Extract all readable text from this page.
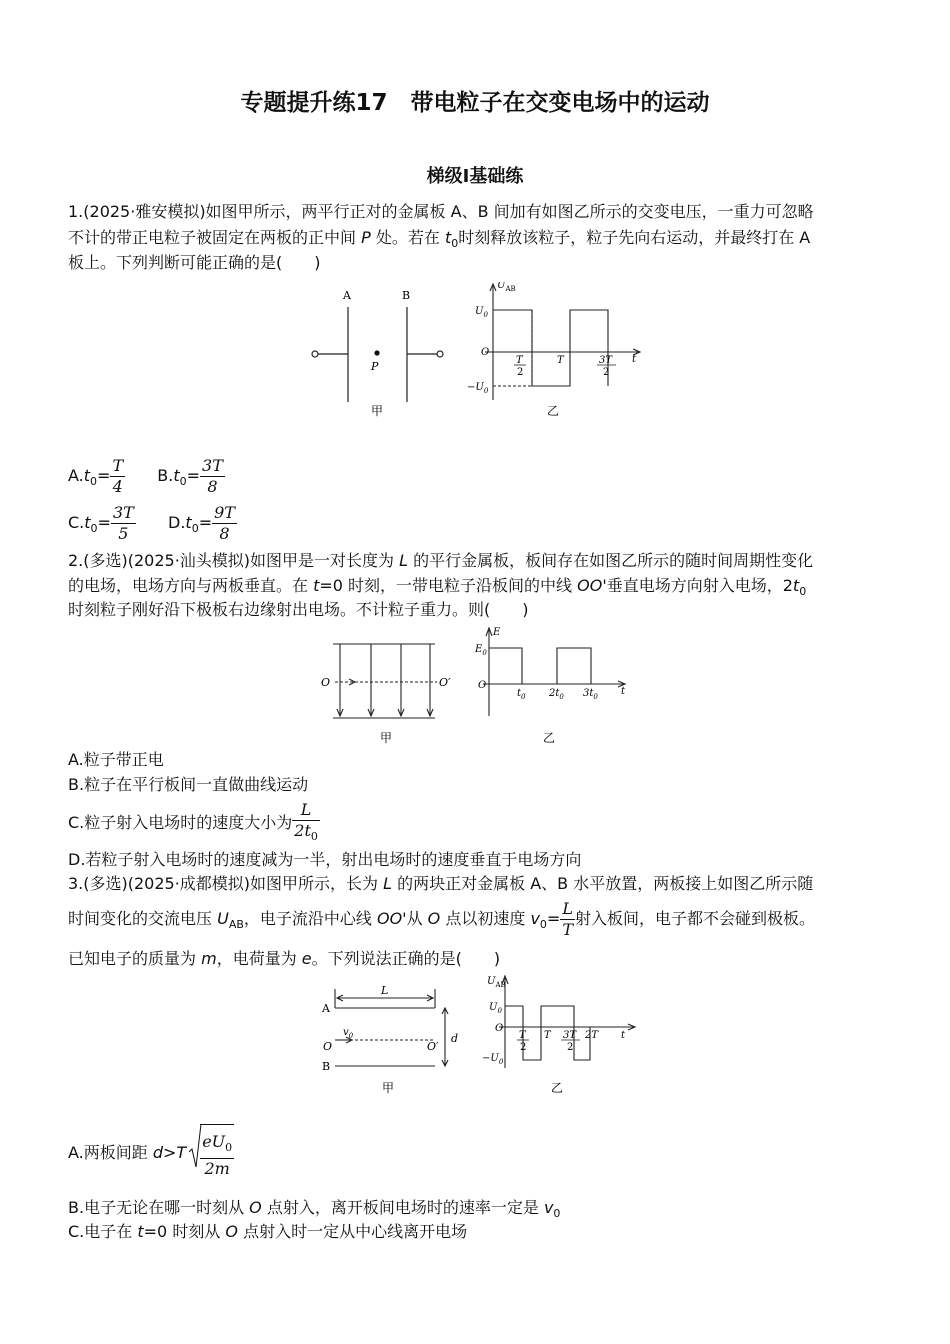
专题提升练17　带电粒子在交变电场中的运动
梯级Ⅰ基础练
1.(2025·雅安模拟)如图甲所示，两平行正对的金属板 A、B 间加有如图乙所示的交变电压，一重力可忽略
不计的带正电粒子被固定在两板的正中间 P 处。若在 $t_0$时刻释放该粒子，粒子先向右运动，并最终打在 A
板上。下列判断可能正确的是(　　)
A	B
P
$U_{AB}$
$U_0$
O
T
2
T	3T
2
t
$-U_0$
甲	乙
$A.t_0= \frac{T}{4} B.t_0= \frac{3T}{8}$
$C.t_0= \frac{3T}{5} D.t_0= \frac{9T}{8}$
2.(多选)(2025·汕头模拟)如图甲是一对长度为 L 的平行金属板，板间存在如图乙所示的随时间周期性变化
的电场，电场方向与两板垂直。在 t=0 时刻，一带电粒子沿板间的中线 OO'垂直电场方向射入电场，$2t_0$
时刻粒子刚好沿下极板右边缘射出电场。不计粒子重力。则(　　)
O	O′
E
$E_0$
O
$t_0$ $2t_0$ $3t_0$ t
甲	乙
A.粒子带正电
B.粒子在平行板间一直做曲线运动
C.粒子射入电场时的速度大小为 $\frac{L}{2t_0}$
D.若粒子射入电场时的速度减为一半，射出电场时的速度垂直于电场方向
3.(多选)(2025·成都模拟)如图甲所示，长为 L 的两块正对金属板 A、B 水平放置，两板接上如图乙所示随
时间变化的交流电压 $U_{AB}$，电子流沿中心线 OO'从 O 点以初速度 $v_0= \frac{L}{T}$ 射入板间，电子都不会碰到极板。
已知电子的质量为 m，电荷量为 e。下列说法正确的是(　　)
L
A
B
$v_0$
O	O′
d
$U_{AB}$
$U_0$
O
T
2
T 3T
2
2T t
$-U_0$
甲	乙
A.两板间距 $d>T \frac{eU_0}{2m}$
B.电子无论在哪一时刻从 O 点射入，离开板间电场时的速率一定是 $v_0$
C.电子在 t=0 时刻从 O 点射入时一定从中心线离开电场
